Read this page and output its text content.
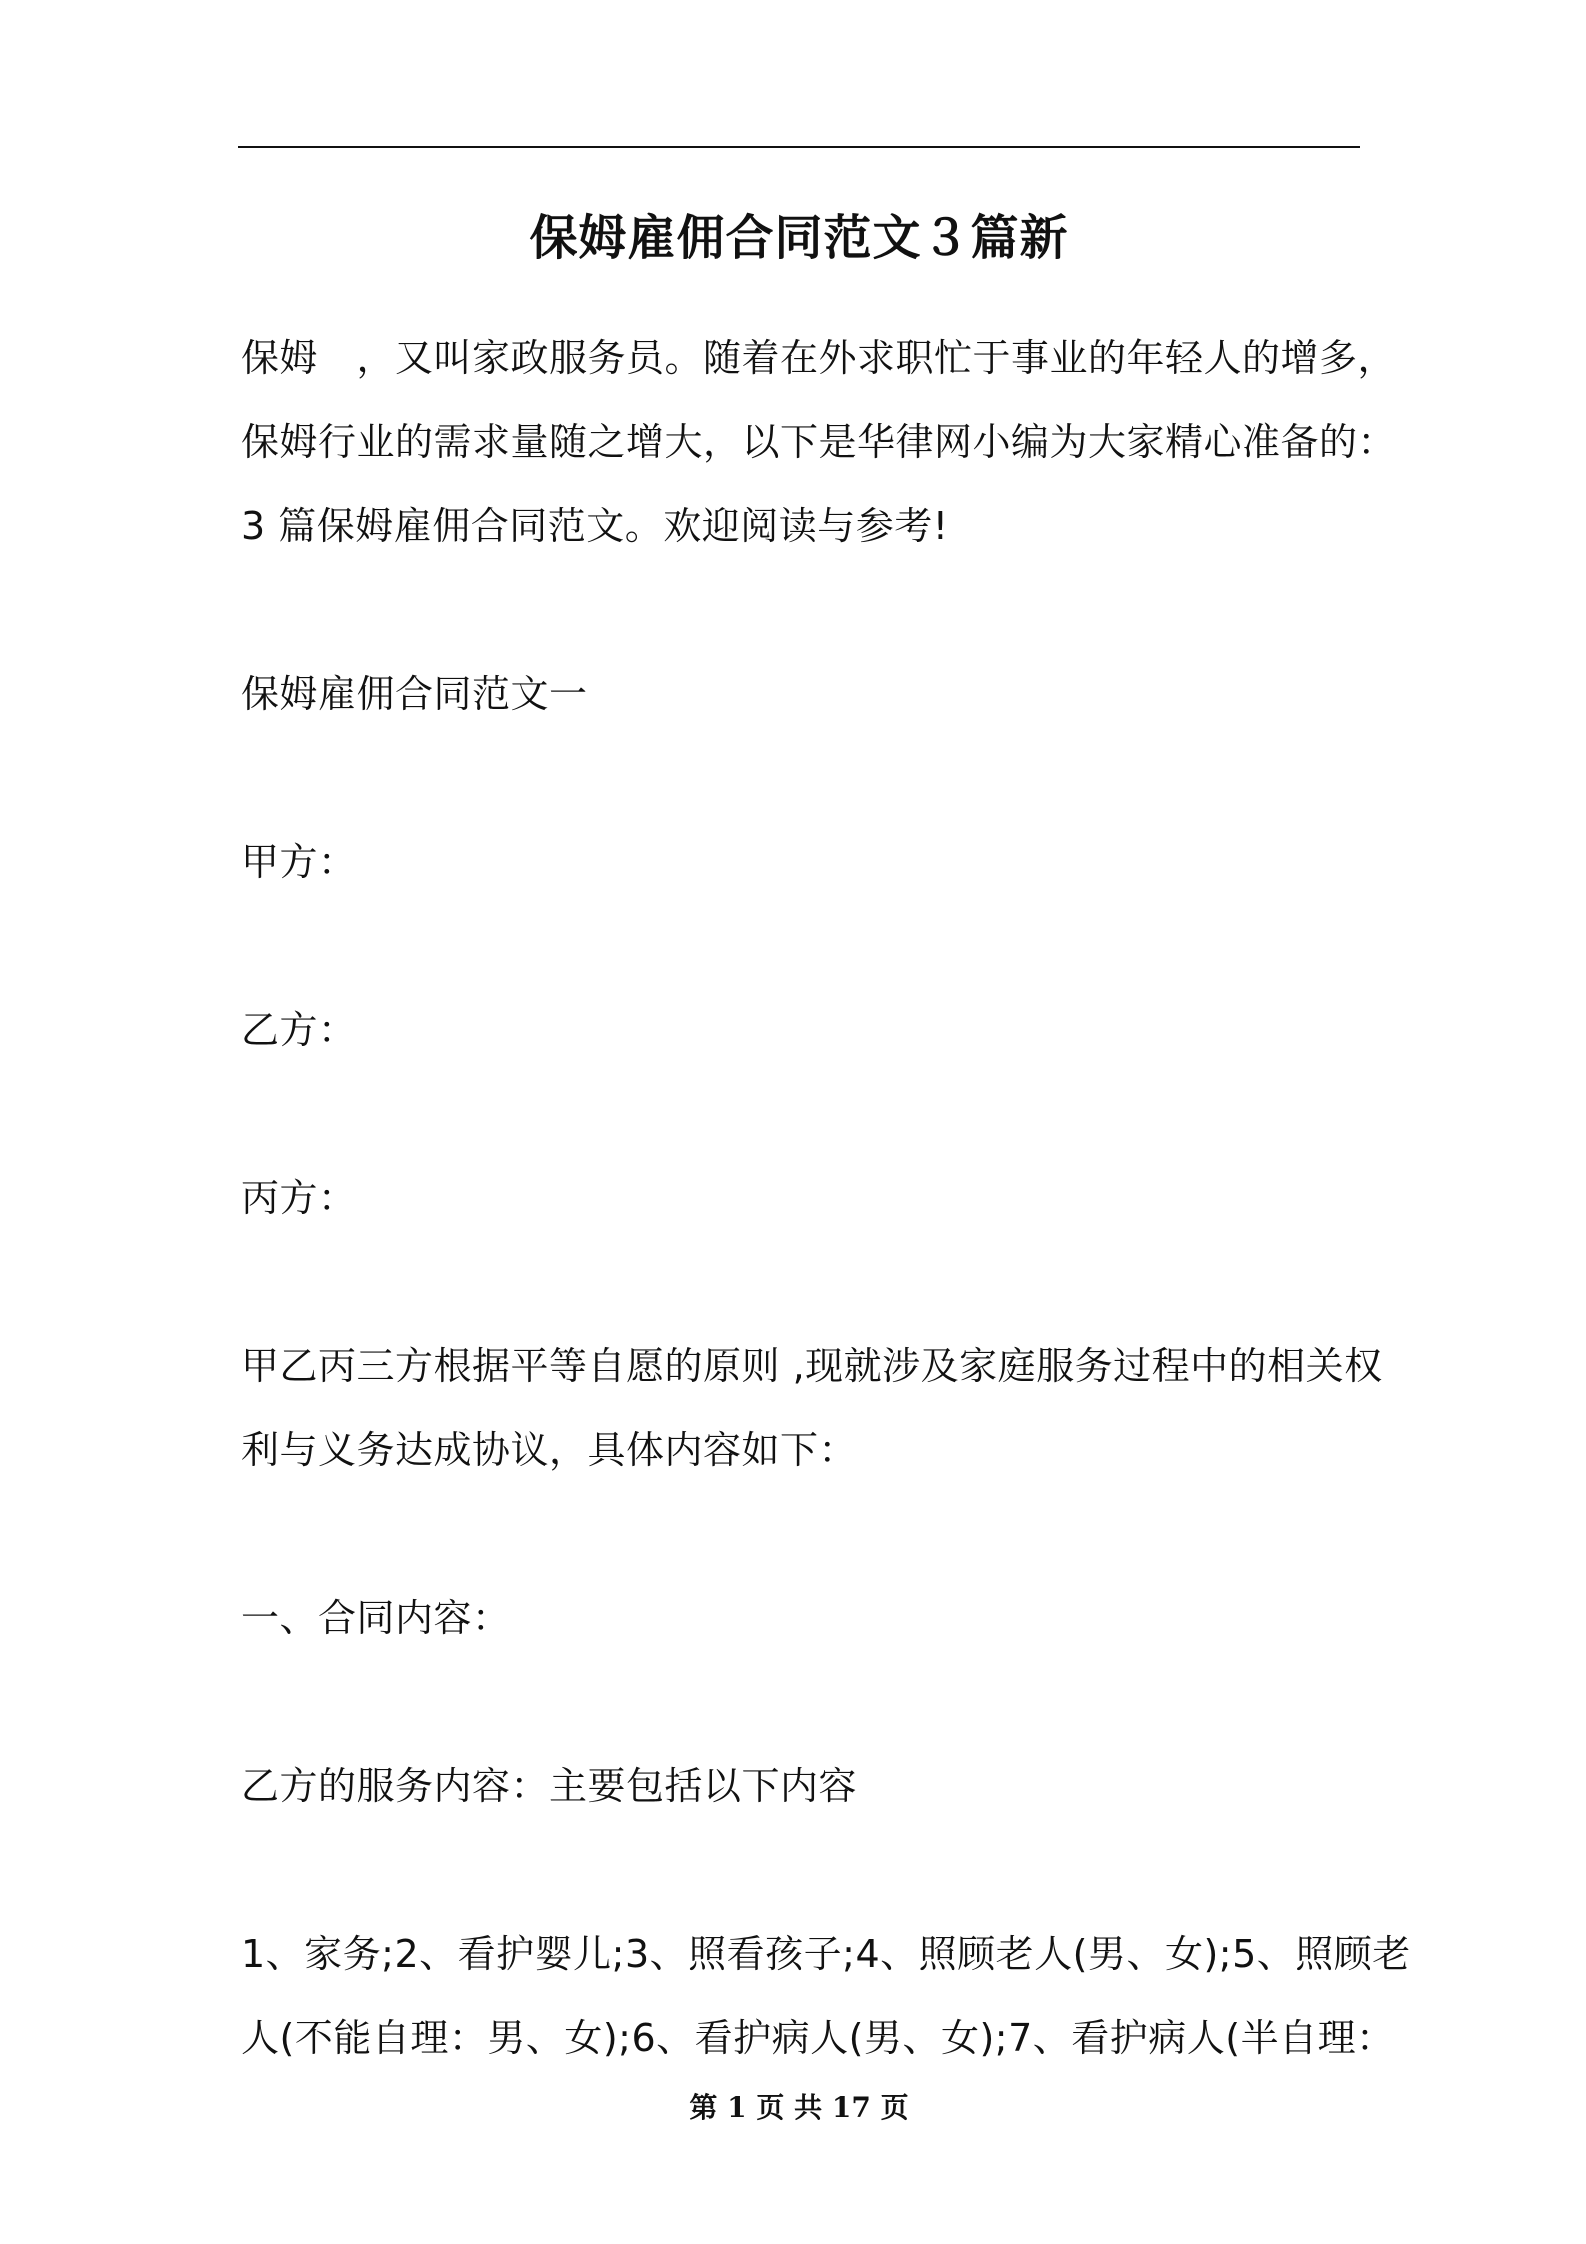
保姆雇佣合同范文３篇新
保姆　，又叫家政服务员。随着在外求职忙于事业的年轻人的增多，
保姆行业的需求量随之增大，以下是华律网小编为大家精心准备的：
3 篇保姆雇佣合同范文。欢迎阅读与参考!
保姆雇佣合同范文一
甲方：
乙方：
丙方：
甲乙丙三方根据平等自愿的原则 ,现就涉及家庭服务过程中的相关权
利与义务达成协议，具体内容如下：
一、合同内容：
乙方的服务内容：主要包括以下内容
1、家务;2、看护婴儿;3、照看孩子;4、照顾老人(男、女);5、照顾老
人(不能自理：男、女);6、看护病人(男、女);7、看护病人(半自理：
第 1 页 共 17 页
